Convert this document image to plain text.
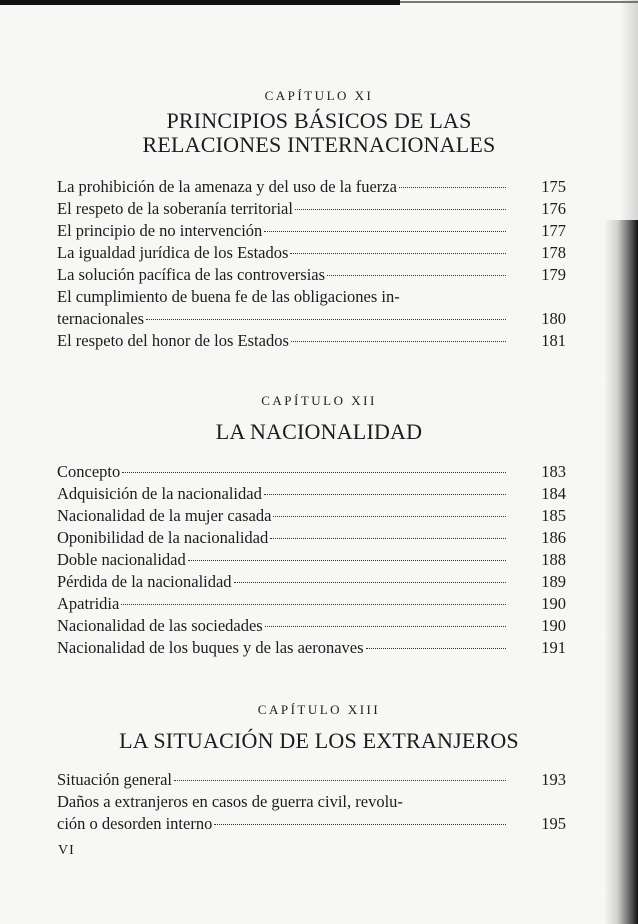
CAPÍTULO XI
PRINCIPIOS BÁSICOS DE LAS
RELACIONES INTERNACIONALES
La prohibición de la amenaza y del uso de la fuerza	175
El respeto de la soberanía territorial	176
El principio de no intervención	177
La igualdad jurídica de los Estados	178
La solución pacífica de las controversias	179
El cumplimiento de buena fe de las obligaciones in-
ternacionales	180
El respeto del honor de los Estados	181
CAPÍTULO XII
LA NACIONALIDAD
Concepto	183
Adquisición de la nacionalidad	184
Nacionalidad de la mujer casada	185
Oponibilidad de la nacionalidad	186
Doble nacionalidad	188
Pérdida de la nacionalidad	189
Apatridia	190
Nacionalidad de las sociedades	190
Nacionalidad de los buques y de las aeronaves	191
CAPÍTULO XIII
LA SITUACIÓN DE LOS EXTRANJEROS
Situación general	193
Daños a extranjeros en casos de guerra civil, revolu-
ción o desorden interno	195
VI
